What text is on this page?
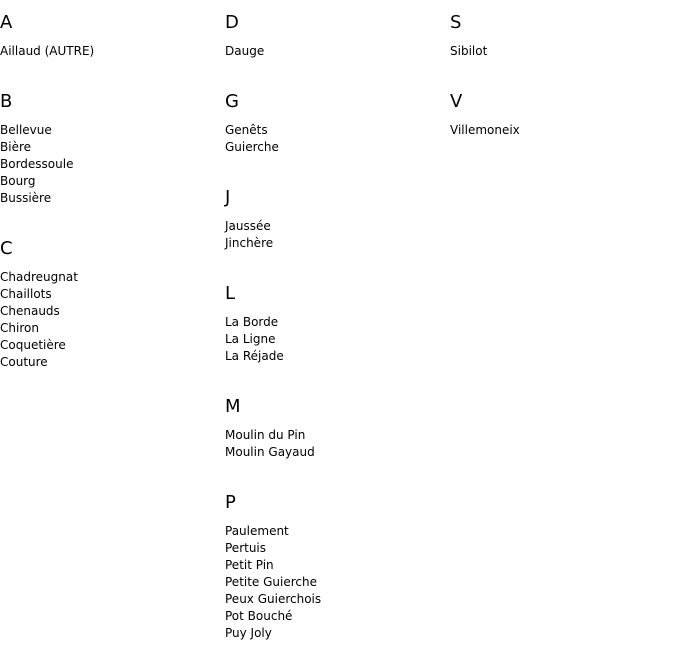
A
Aillaud (AUTRE)
B
Bellevue
Bière
Bordessoule
Bourg
Bussière
C
Chadreugnat
Chaillots
Chenauds
Chiron
Coquetière
Couture
D
Dauge
G
Genêts
Guierche
J
Jaussée
Jinchère
L
La Borde
La Ligne
La Réjade
M
Moulin du Pin
Moulin Gayaud
P
Paulement
Pertuis
Petit Pin
Petite Guierche
Peux Guierchois
Pot Bouché
Puy Joly
S
Sibilot
V
Villemoneix
